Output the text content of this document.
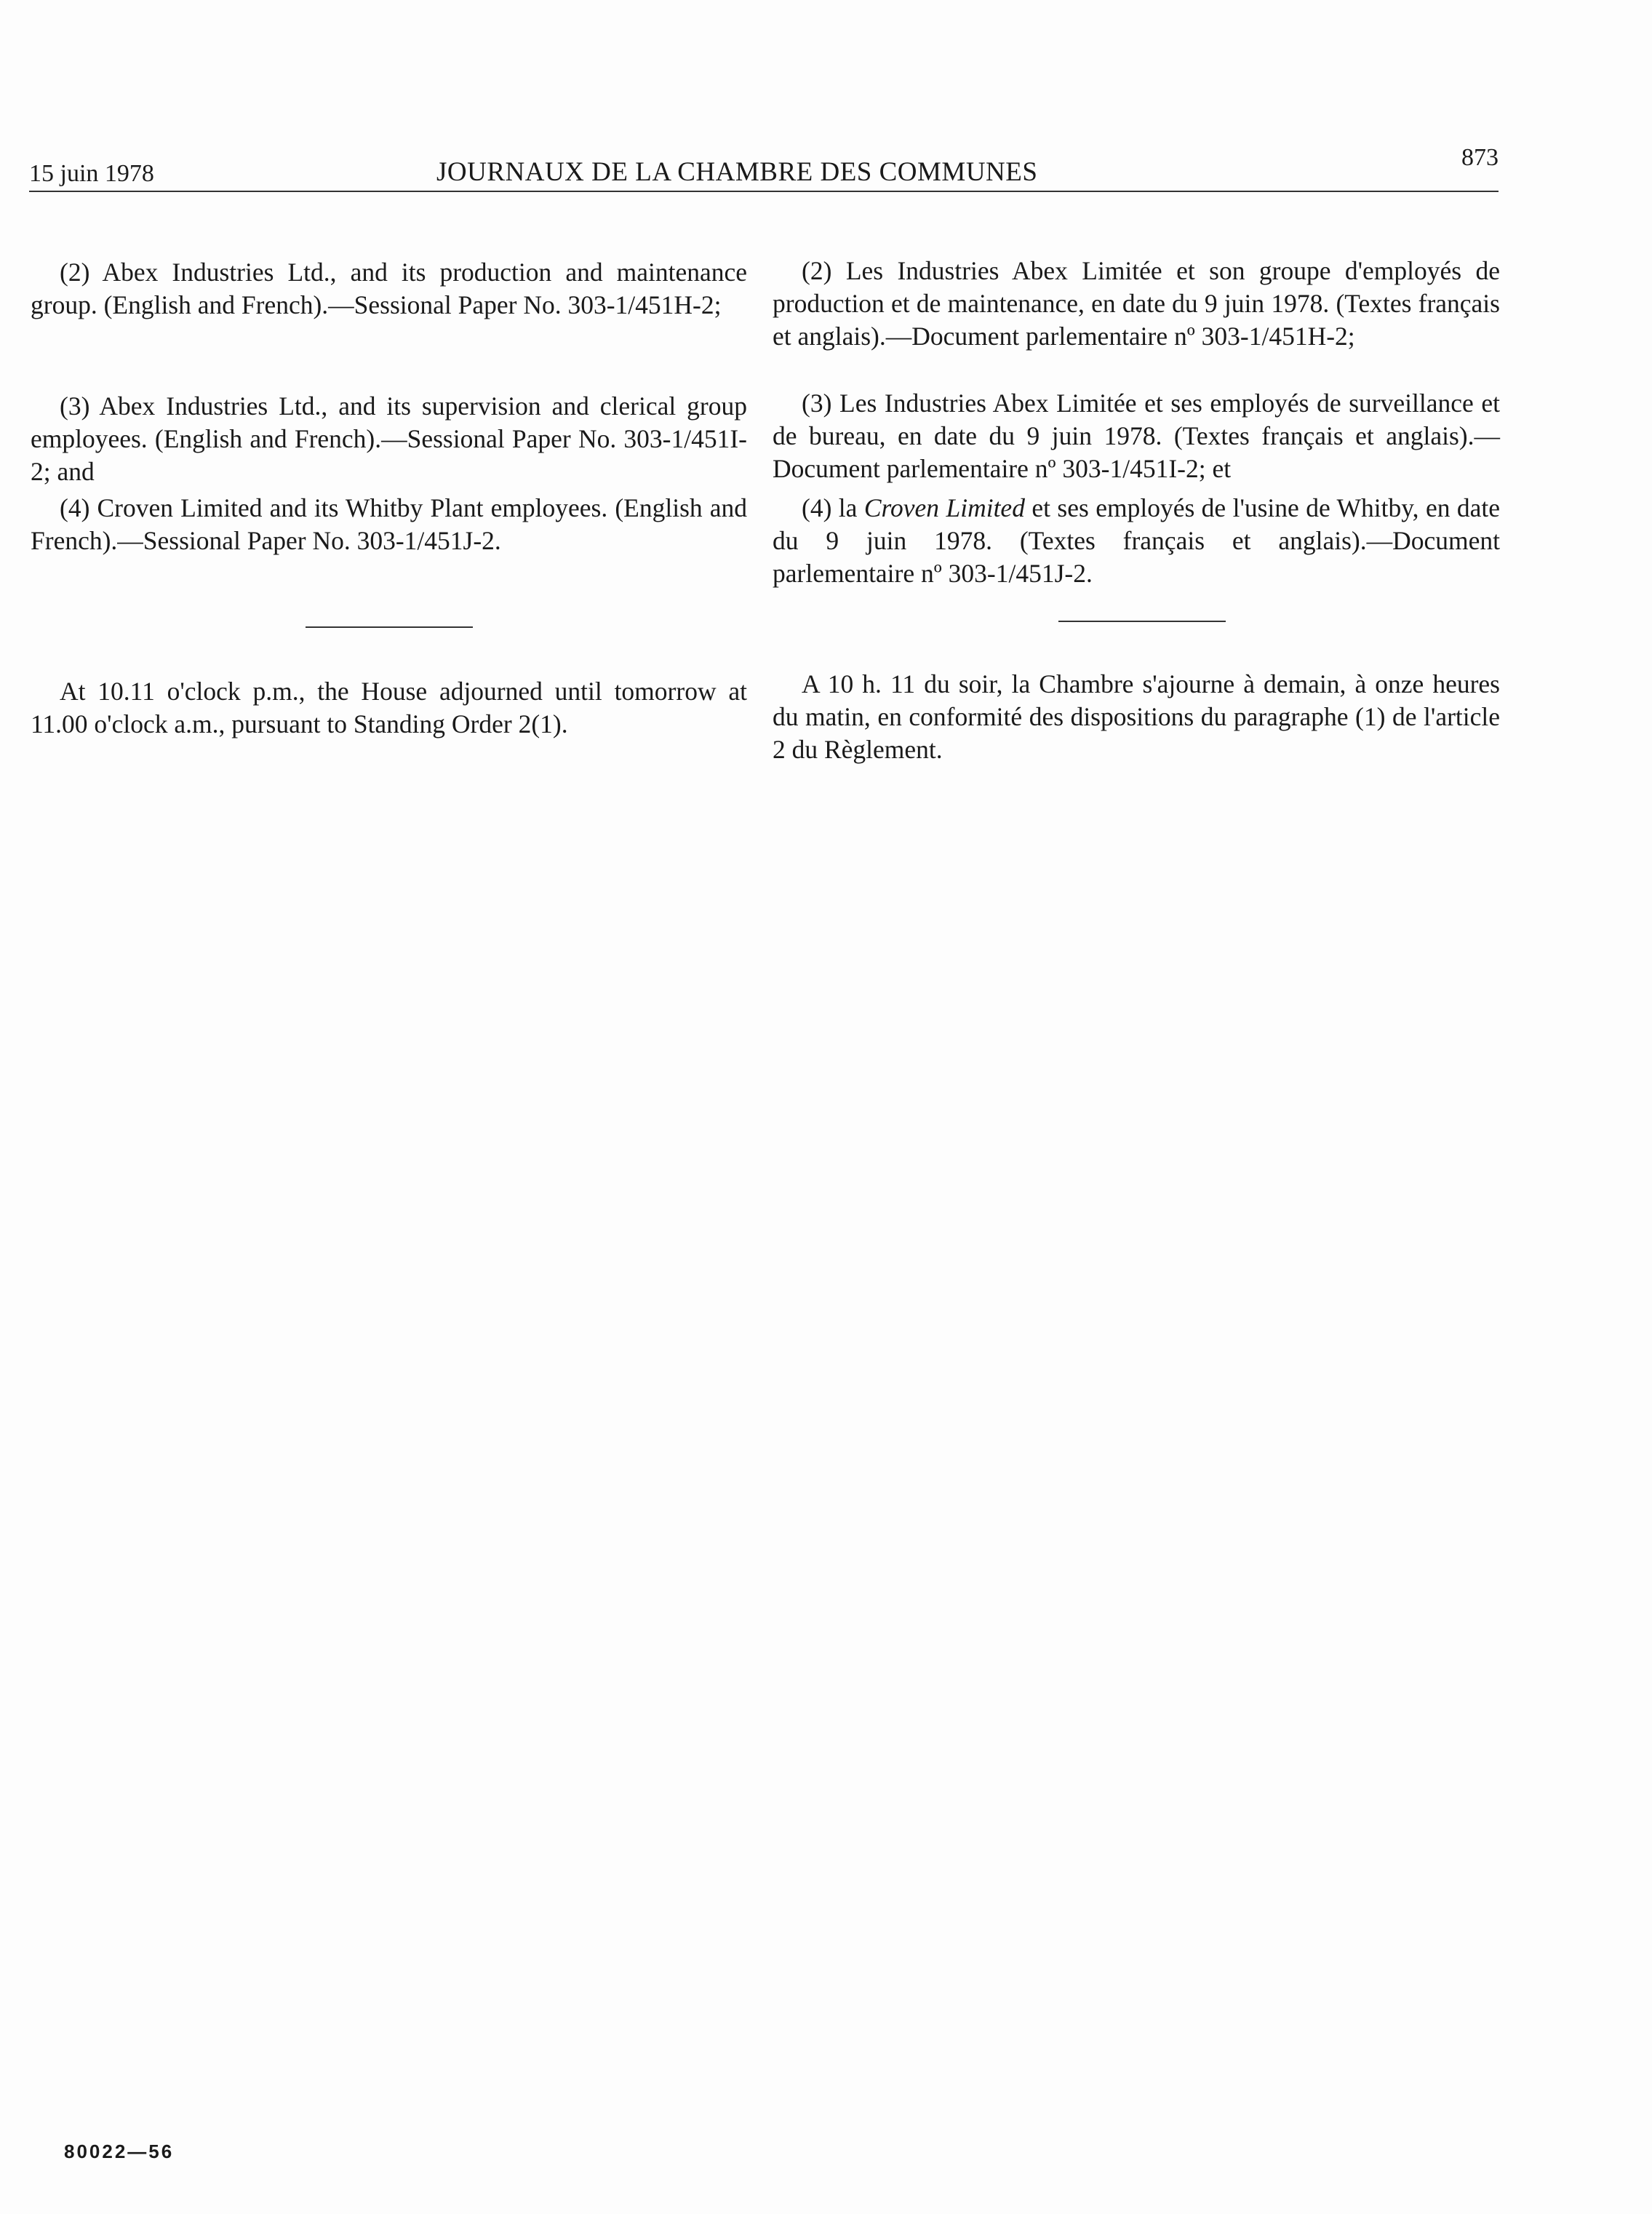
15 juin 1978	JOURNAUX DE LA CHAMBRE DES COMMUNES	873

(2) Abex Industries Ltd., and its production and maintenance group. (English and French).—Sessional Paper No. 303-1/451H-2;

(3) Abex Industries Ltd., and its supervision and clerical group employees. (English and French).—Sessional Paper No. 303-1/451I-2; and

(4) Croven Limited and its Whitby Plant employees. (English and French).—Sessional Paper No. 303-1/451J-2.

At 10.11 o'clock p.m., the House adjourned until tomorrow at 11.00 o'clock a.m., pursuant to Standing Order 2(1).

(2) Les Industries Abex Limitée et son groupe d'employés de production et de maintenance, en date du 9 juin 1978. (Textes français et anglais).—Document parlementaire nº 303-1/451H-2;

(3) Les Industries Abex Limitée et ses employés de surveillance et de bureau, en date du 9 juin 1978. (Textes français et anglais).—Document parlementaire nº 303-1/451I-2; et

(4) la Croven Limited et ses employés de l'usine de Whitby, en date du 9 juin 1978. (Textes français et anglais).—Document parlementaire nº 303-1/451J-2.

A 10 h. 11 du soir, la Chambre s'ajourne à demain, à onze heures du matin, en conformité des dispositions du paragraphe (1) de l'article 2 du Règlement.

80022—56
